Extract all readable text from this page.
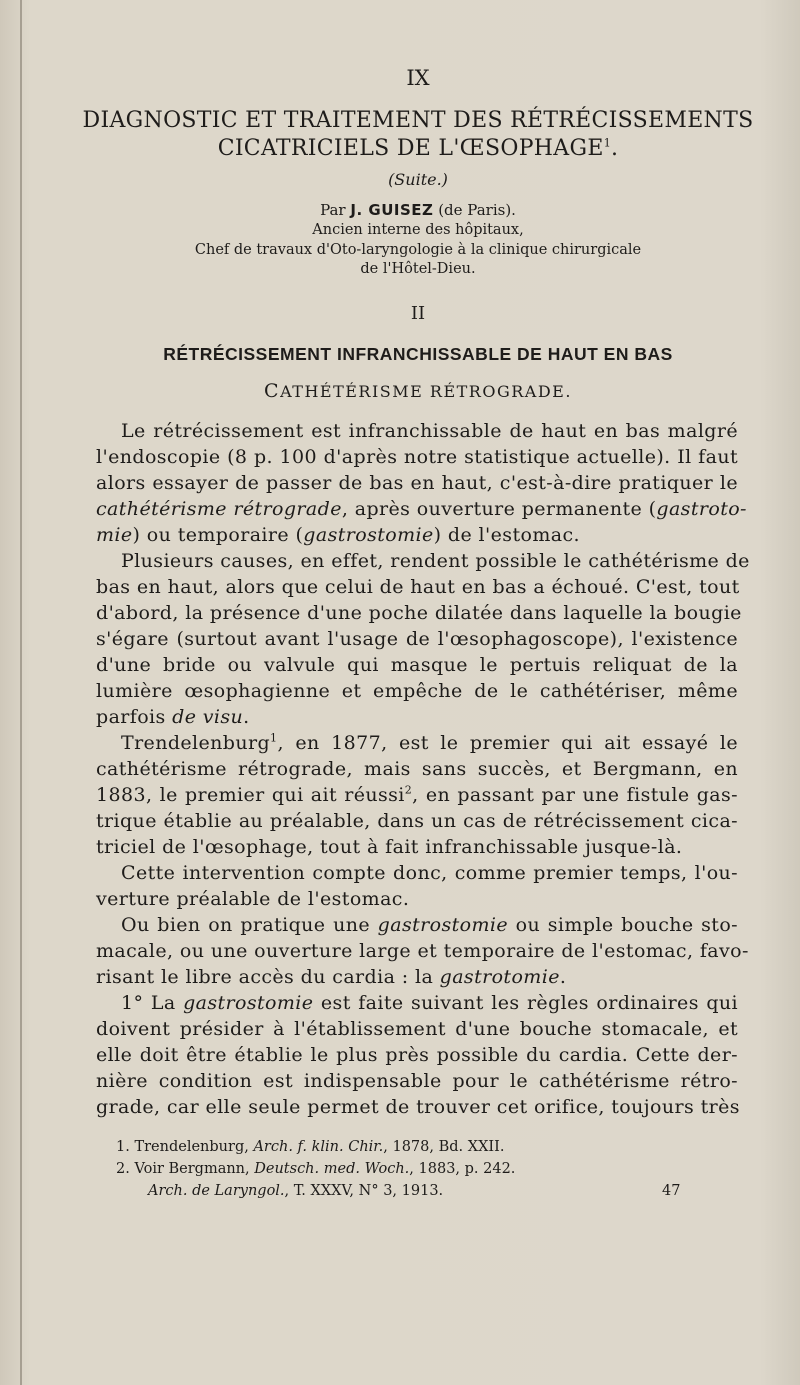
IX
DIAGNOSTIC ET TRAITEMENT DES RÉTRÉCISSEMENTS
CICATRICIELS DE L'ŒSOPHAGE$^1$.
(Suite.)
Par J. GUISEZ (de Paris).
Ancien interne des hôpitaux,
Chef de travaux d'Oto-laryngologie à la clinique chirurgicale
de l'Hôtel-Dieu.
II
RÉTRÉCISSEMENT INFRANCHISSABLE DE HAUT EN BAS
CATHÉTÉRISME RÉTROGRADE.
Le rétrécissement est infranchissable de haut en bas malgré
l'endoscopie (8 p. 100 d'après notre statistique actuelle). Il faut
alors essayer de passer de bas en haut, c'est-à-dire pratiquer le
cathétérisme rétrograde, après ouverture permanente (gastroto-
mie) ou temporaire (gastrostomie) de l'estomac.
Plusieurs causes, en effet, rendent possible le cathétérisme de
bas en haut, alors que celui de haut en bas a échoué. C'est, tout
d'abord, la présence d'une poche dilatée dans laquelle la bougie
s'égare (surtout avant l'usage de l'œsophagoscope), l'existence
d'une bride ou valvule qui masque le pertuis reliquat de la
lumière œsophagienne et empêche de le cathétériser, même
parfois de visu.
Trendelenburg$^1$, en 1877, est le premier qui ait essayé le
cathétérisme rétrograde, mais sans succès, et Bergmann, en
1883, le premier qui ait réussi$^2$, en passant par une fistule gas-
trique établie au préalable, dans un cas de rétrécissement cica-
triciel de l'œsophage, tout à fait infranchissable jusque-là.
Cette intervention compte donc, comme premier temps, l'ou-
verture préalable de l'estomac.
Ou bien on pratique une gastrostomie ou simple bouche sto-
macale, ou une ouverture large et temporaire de l'estomac, favo-
risant le libre accès du cardia : la gastrotomie.
1° La gastrostomie est faite suivant les règles ordinaires qui
doivent présider à l'établissement d'une bouche stomacale, et
elle doit être établie le plus près possible du cardia. Cette der-
nière condition est indispensable pour le cathétérisme rétro-
grade, car elle seule permet de trouver cet orifice, toujours très
1. Trendelenburg, Arch. f. klin. Chir., 1878, Bd. XXII.
2. Voir Bergmann, Deutsch. med. Woch., 1883, p. 242.
Arch. de Laryngol., T. XXXV, N° 3, 1913.	47
